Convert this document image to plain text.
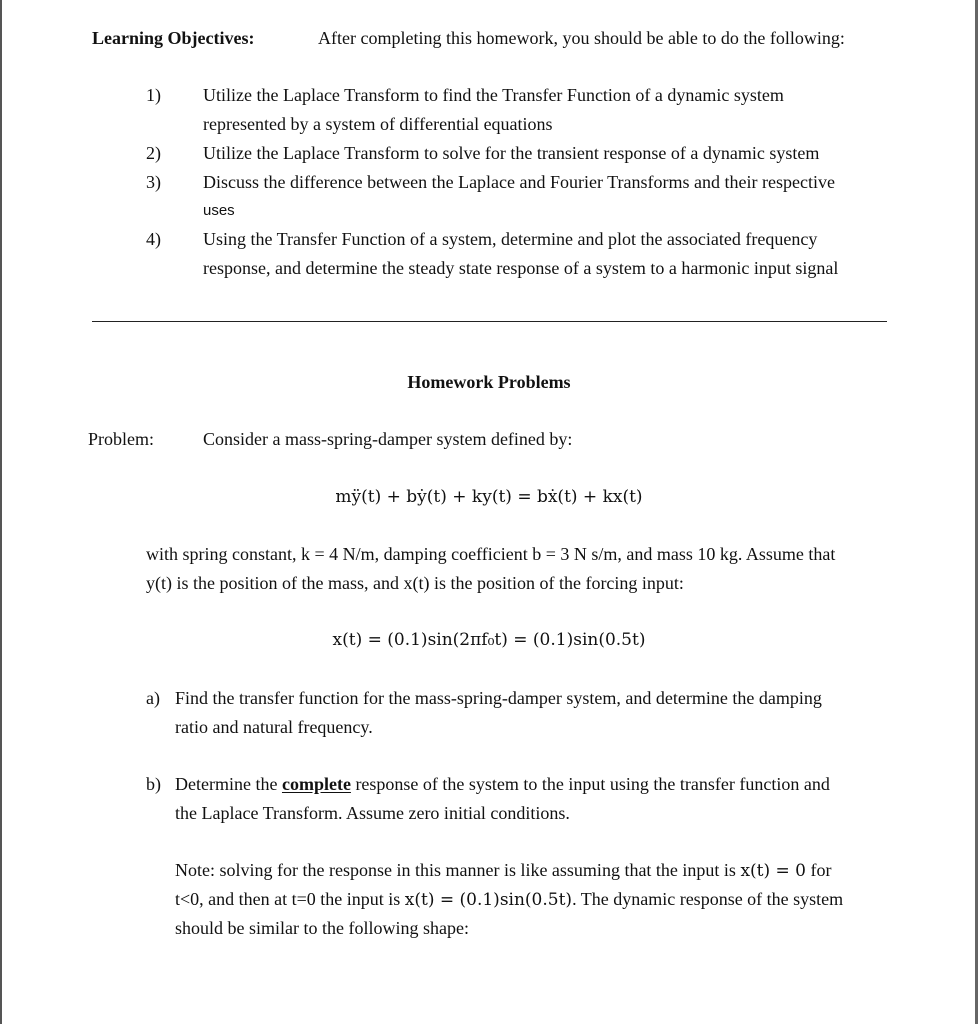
Learning Objectives:	After completing this homework, you should be able to do the following:
1) Utilize the Laplace Transform to find the Transfer Function of a dynamic system
represented by a system of differential equations
2) Utilize the Laplace Transform to solve for the transient response of a dynamic system
3) Discuss the difference between the Laplace and Fourier Transforms and their respective
uses
4) Using the Transfer Function of a system, determine and plot the associated frequency
response, and determine the steady state response of a system to a harmonic input signal
Homework Problems
Problem:	Consider a mass-spring-damper system defined by:
mÿ(t) + bẏ(t) + ky(t) = bẋ(t) + kx(t)
with spring constant, k = 4 N/m, damping coefficient b = 3 N s/m, and mass 10 kg. Assume that
y(t) is the position of the mass, and x(t) is the position of the forcing input:
x(t) = (0.1)sin(2πf₀t) = (0.1)sin(0.5t)
a) Find the transfer function for the mass-spring-damper system, and determine the damping
ratio and natural frequency.
b) Determine the complete response of the system to the input using the transfer function and
the Laplace Transform. Assume zero initial conditions.
Note: solving for the response in this manner is like assuming that the input is x(t) = 0 for
t<0, and then at t=0 the input is x(t) = (0.1)sin(0.5t). The dynamic response of the system
should be similar to the following shape:
